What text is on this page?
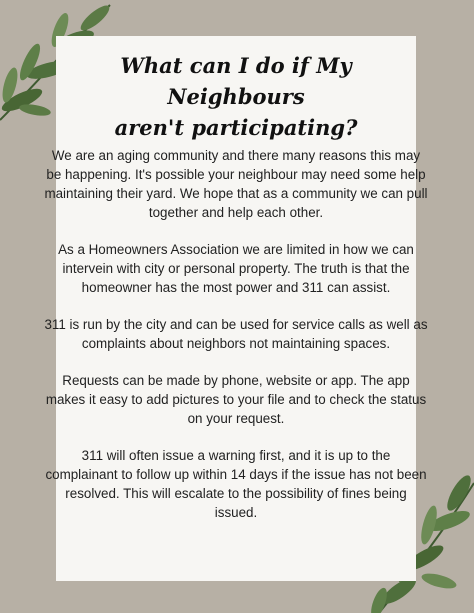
What can I do if My Neighbours
aren't participating?

We are an aging community and there many reasons this may be happening. It's possible your neighbour may need some help maintaining their yard. We hope that as a community we can pull together and help each other.

As a Homeowners Association we are limited in how we can intervein with city or personal property. The truth is that the homeowner has the most power and 311 can assist.

311 is run by the city and can be used for service calls as well as complaints about neighbors not maintaining spaces.

Requests can be made by phone, website or app. The app makes it easy to add pictures to your file and to check the status on your request.

311 will often issue a warning first, and it is up to the complainant to follow up within 14 days if the issue has not been resolved. This will escalate to the possibility of fines being issued.
